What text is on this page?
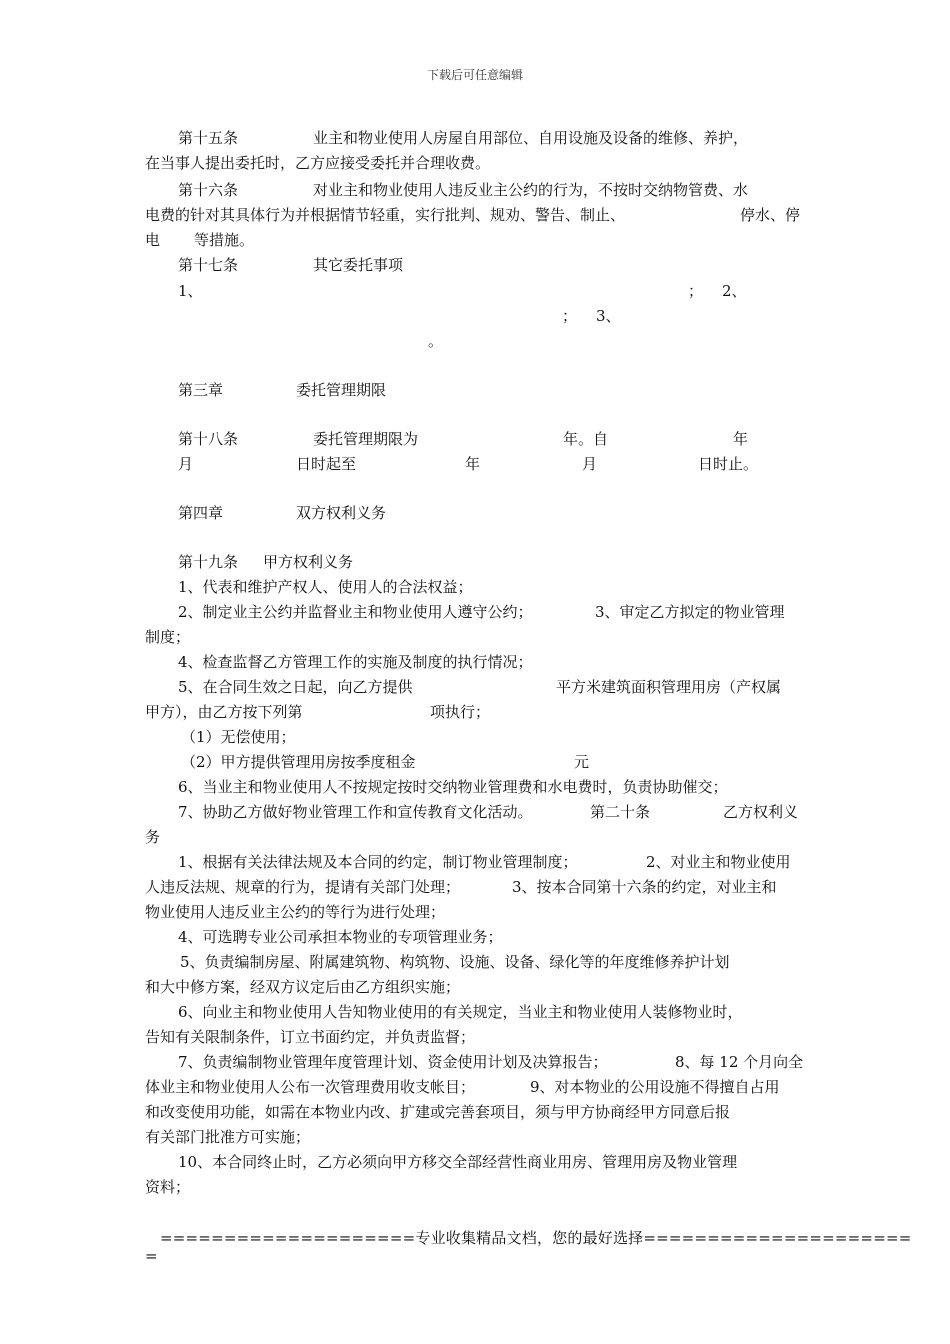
下载后可任意编辑
第十五条	业主和物业使用人房屋自用部位、自用设施及设备的维修、养护，
在当事人提出委托时，乙方应接受委托并合理收费。
第十六条	对业主和物业使用人违反业主公约的行为，不按时交纳物管费、水
电费的针对其具体行为并根据情节轻重，实行批判、规劝、警告、制止、	停水、停
电 等措施。
第十七条	其它委托事项
1、	； 2、
； 3、
。
第三章	委托管理期限
第十八条	委托管理期限为	年。自	年
月	日时起至	年	月	日时止。
第四章	双方权利义务
第十九条 甲方权利义务
1、代表和维护产权人、使用人的合法权益；
2、制定业主公约并监督业主和物业使用人遵守公约；	3、审定乙方拟定的物业管理
制度；
4、检查监督乙方管理工作的实施及制度的执行情况；
5、在合同生效之日起，向乙方提供	平方米建筑面积管理用房（产权属
甲方），由乙方按下列第	项执行；
（1）无偿使用；
（2）甲方提供管理用房按季度租金	元
6、当业主和物业使用人不按规定按时交纳物业管理费和水电费时，负责协助催交；
7、协助乙方做好物业管理工作和宣传教育文化活动。	第二十条	乙方权利义
务
1、根据有关法律法规及本合同的约定，制订物业管理制度；	2、对业主和物业使用
人违反法规、规章的行为，提请有关部门处理；	3、按本合同第十六条的约定，对业主和
物业使用人违反业主公约的等行为进行处理；
4、可选聘专业公司承担本物业的专项管理业务；
5、负责编制房屋、附属建筑物、构筑物、设施、设备、绿化等的年度维修养护计划
和大中修方案，经双方议定后由乙方组织实施；
6、向业主和物业使用人告知物业使用的有关规定，当业主和物业使用人装修物业时，
告知有关限制条件，订立书面约定，并负责监督；
7、负责编制物业管理年度管理计划、资金使用计划及决算报告；	8、每 12 个月向全
体业主和物业使用人公布一次管理费用收支帐目；	9、对本物业的公用设施不得擅自占用
和改变使用功能，如需在本物业内改、扩建或完善套项目，须与甲方协商经甲方同意后报
有关部门批准方可实施；
10、本合同终止时，乙方必须向甲方移交全部经营性商业用房、管理用房及物业管理
资料；
====================专业收集精品文档，您的最好选择=====================
=
